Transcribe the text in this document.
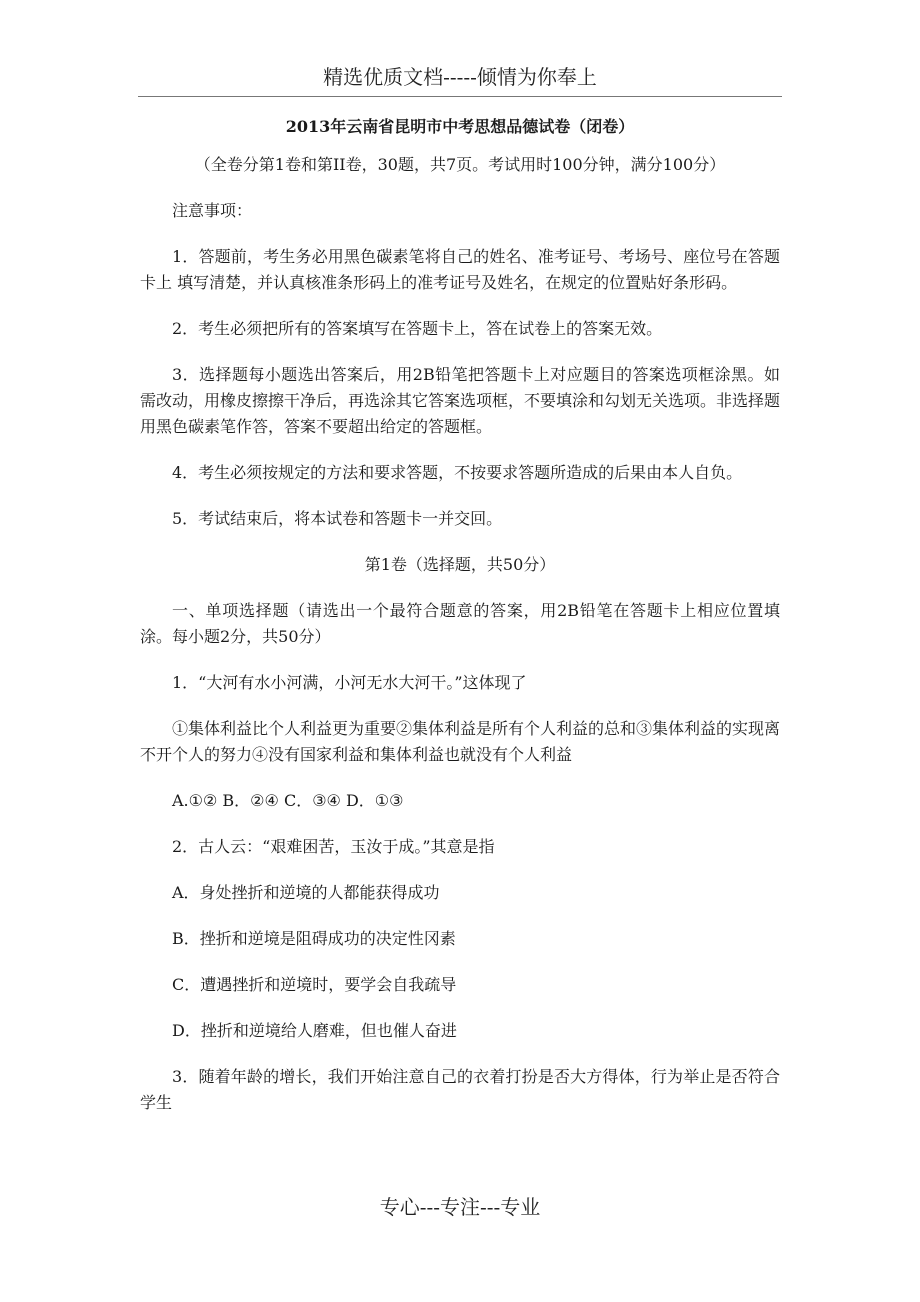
精选优质文档-----倾情为你奉上

2013年云南省昆明市中考思想品德试卷（闭卷）

（全卷分第1卷和第II卷，30题，共7页。考试用时100分钟，满分100分）

注意事项：

1．答题前，考生务必用黑色碳素笔将自己的姓名、准考证号、考场号、座位号在答题卡上 填写清楚，并认真核准条形码上的准考证号及姓名，在规定的位置贴好条形码。

2．考生必须把所有的答案填写在答题卡上，答在试卷上的答案无效。

3．选择题每小题选出答案后，用2B铅笔把答题卡上对应题目的答案选项框涂黑。如需改动，用橡皮擦擦干净后，再选涂其它答案选项框，不要填涂和勾划无关选项。非选择题 用黑色碳素笔作答，答案不要超出给定的答题框。

4．考生必须按规定的方法和要求答题，不按要求答题所造成的后果由本人自负。

5．考试结束后，将本试卷和答题卡一并交回。

第1卷（选择题，共50分）

一、单项选择题（请选出一个最符合题意的答案，用2B铅笔在答题卡上相应位置填涂。每小题2分，共50分）

1．“大河有水小河满，小河无水大河干。”这体现了

①集体利益比个人利益更为重要②集体利益是所有个人利益的总和③集体利益的实现离不开个人的努力④没有国家利益和集体利益也就没有个人利益

A.①② B．②④ C．③④ D．①③

2．古人云：“艰难困苦，玉汝于成。”其意是指

A．身处挫折和逆境的人都能获得成功

B．挫折和逆境是阻碍成功的决定性冈素

C．遭遇挫折和逆境时，要学会自我疏导

D．挫折和逆境给人磨难，但也催人奋进

3．随着年龄的增长，我们开始注意自己的衣着打扮是否大方得体，行为举止是否符合学生

专心---专注---专业
